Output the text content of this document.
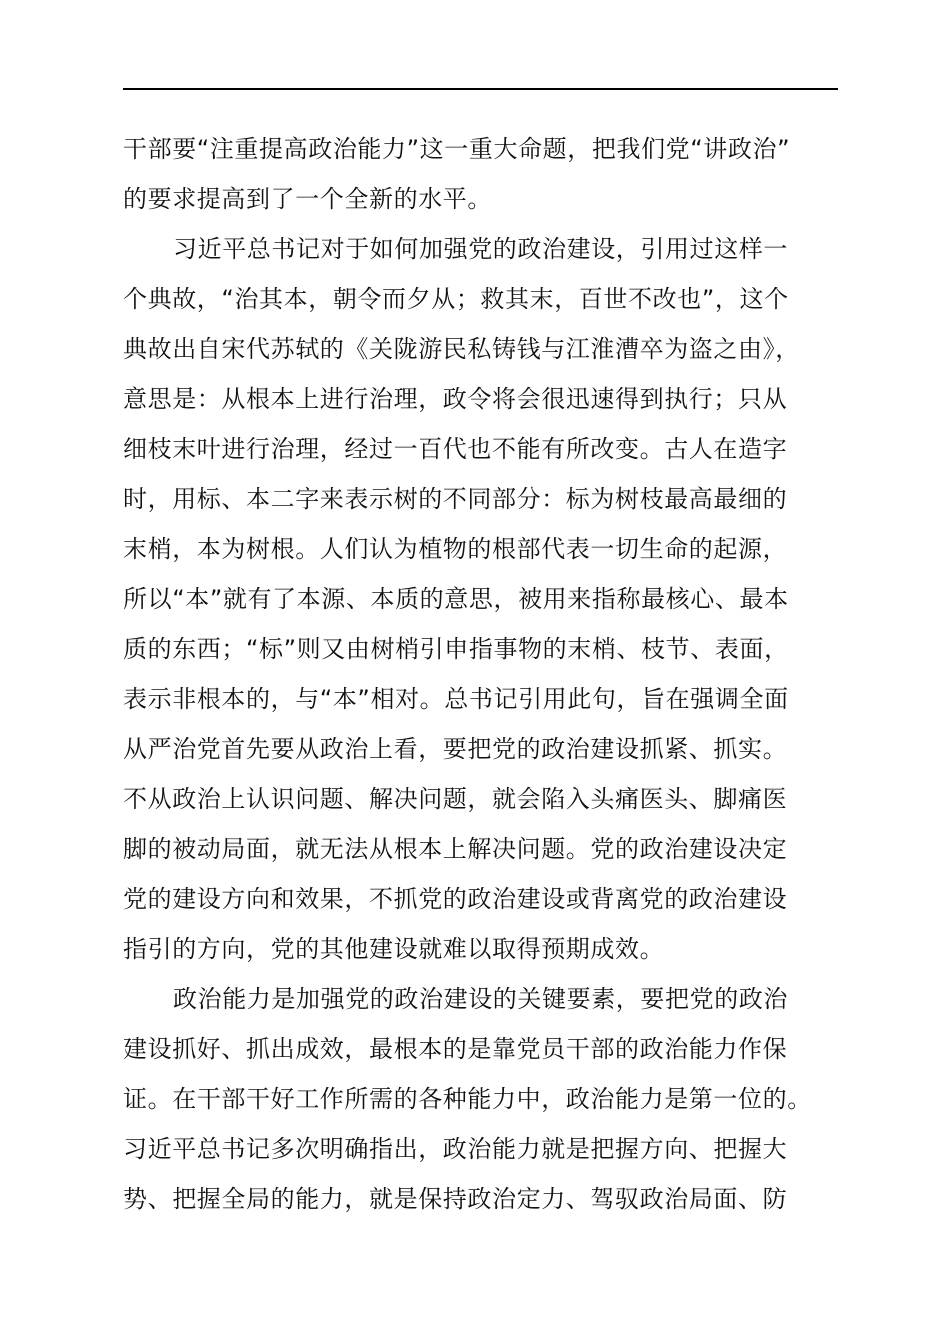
干部要“注重提高政治能力”这一重大命题，把我们党“讲政治”
的要求提高到了一个全新的水平。
习近平总书记对于如何加强党的政治建设，引用过这样一
个典故，“治其本，朝令而夕从；救其末，百世不改也”，这个
典故出自宋代苏轼的《关陇游民私铸钱与江淮漕卒为盗之由》，
意思是：从根本上进行治理，政令将会很迅速得到执行；只从
细枝末叶进行治理，经过一百代也不能有所改变。古人在造字
时，用标、本二字来表示树的不同部分：标为树枝最高最细的
末梢，本为树根。人们认为植物的根部代表一切生命的起源，
所以“本”就有了本源、本质的意思，被用来指称最核心、最本
质的东西；“标”则又由树梢引申指事物的末梢、枝节、表面，
表示非根本的，与“本”相对。总书记引用此句，旨在强调全面
从严治党首先要从政治上看，要把党的政治建设抓紧、抓实。
不从政治上认识问题、解决问题，就会陷入头痛医头、脚痛医
脚的被动局面，就无法从根本上解决问题。党的政治建设决定
党的建设方向和效果，不抓党的政治建设或背离党的政治建设
指引的方向，党的其他建设就难以取得预期成效。
政治能力是加强党的政治建设的关键要素，要把党的政治
建设抓好、抓出成效，最根本的是靠党员干部的政治能力作保
证。在干部干好工作所需的各种能力中，政治能力是第一位的。
习近平总书记多次明确指出，政治能力就是把握方向、把握大
势、把握全局的能力，就是保持政治定力、驾驭政治局面、防
